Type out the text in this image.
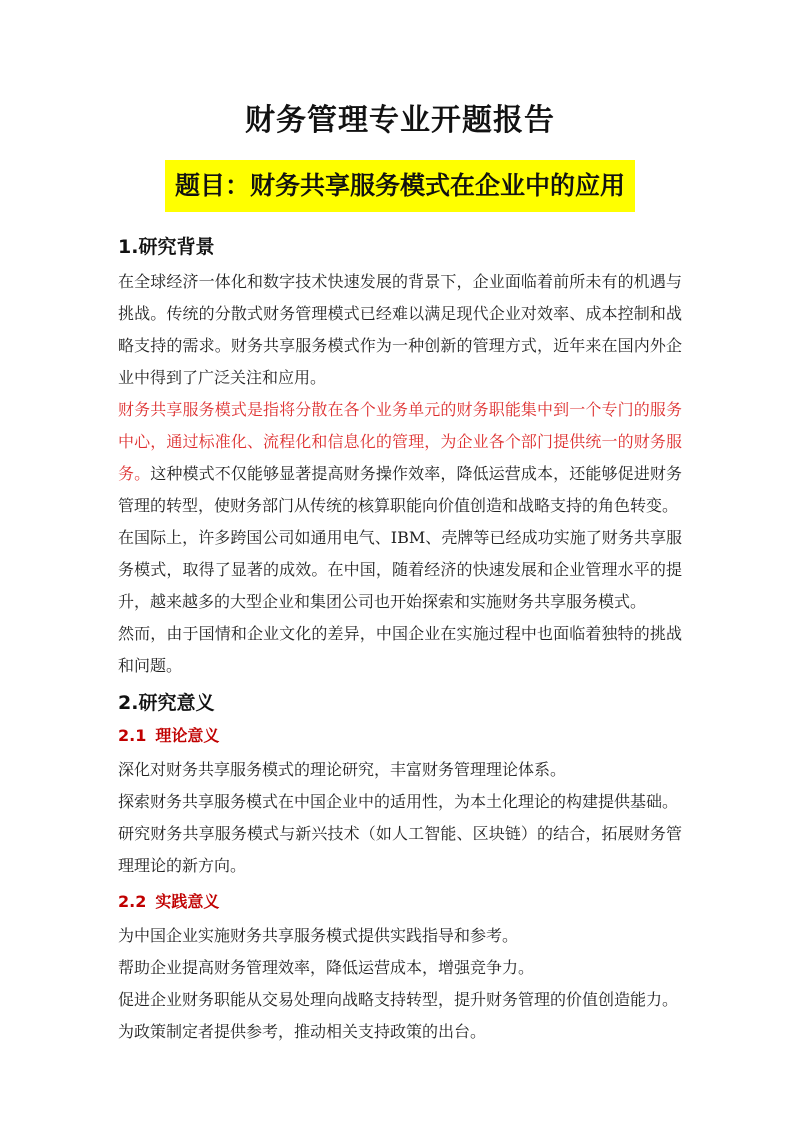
财务管理专业开题报告
题目：财务共享服务模式在企业中的应用
1.研究背景

在全球经济一体化和数字技术快速发展的背景下，企业面临着前所未有的机遇与挑战。传统的分散式财务管理模式已经难以满足现代企业对效率、成本控制和战略支持的需求。财务共享服务模式作为一种创新的管理方式，近年来在国内外企业中得到了广泛关注和应用。

财务共享服务模式是指将分散在各个业务单元的财务职能集中到一个专门的服务中心，通过标准化、流程化和信息化的管理，为企业各个部门提供统一的财务服务。这种模式不仅能够显著提高财务操作效率，降低运营成本，还能够促进财务管理的转型，使财务部门从传统的核算职能向价值创造和战略支持的角色转变。

在国际上，许多跨国公司如通用电气、IBM、壳牌等已经成功实施了财务共享服务模式，取得了显著的成效。在中国，随着经济的快速发展和企业管理水平的提升，越来越多的大型企业和集团公司也开始探索和实施财务共享服务模式。

然而，由于国情和企业文化的差异，中国企业在实施过程中也面临着独特的挑战和问题。

2.研究意义
2.1 理论意义

深化对财务共享服务模式的理论研究，丰富财务管理理论体系。

探索财务共享服务模式在中国企业中的适用性，为本土化理论的构建提供基础。

研究财务共享服务模式与新兴技术（如人工智能、区块链）的结合，拓展财务管理理论的新方向。

2.2 实践意义

为中国企业实施财务共享服务模式提供实践指导和参考。

帮助企业提高财务管理效率，降低运营成本，增强竞争力。

促进企业财务职能从交易处理向战略支持转型，提升财务管理的价值创造能力。

为政策制定者提供参考，推动相关支持政策的出台。
